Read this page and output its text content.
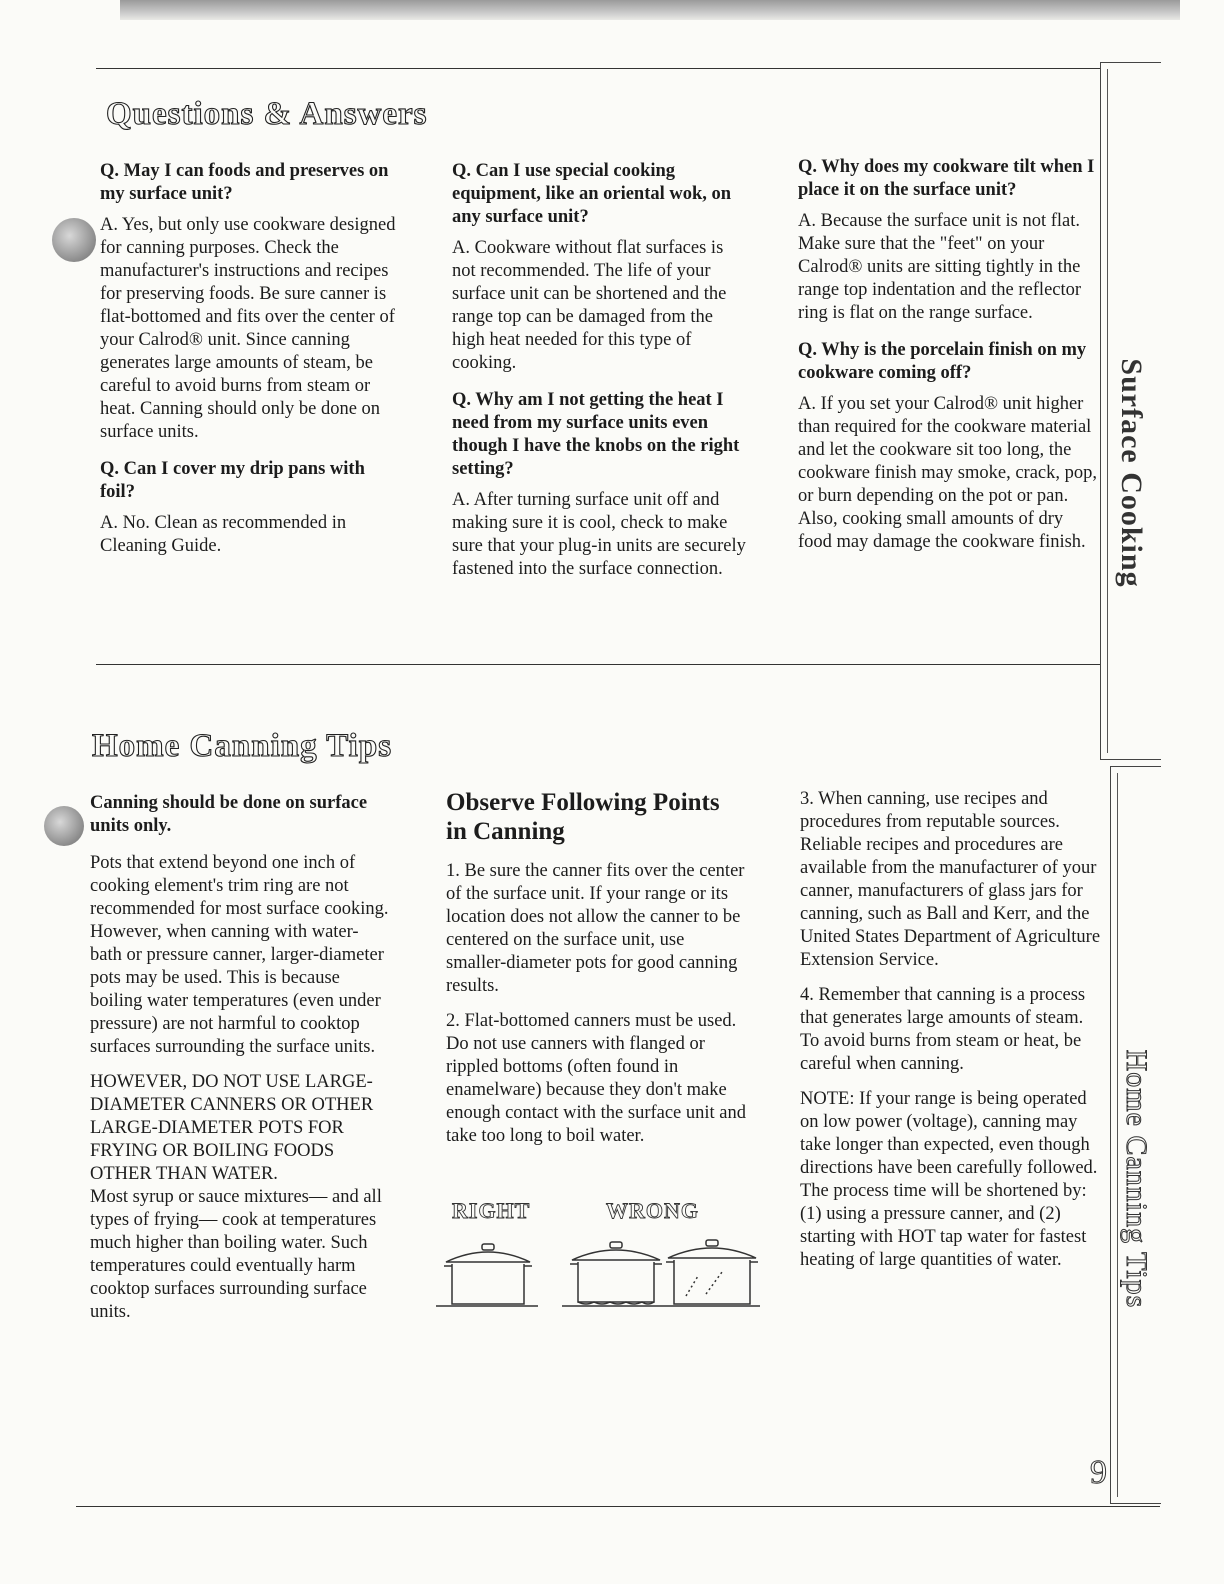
Surface Cooking
Home Canning Tips
Questions & Answers

Q. May I can foods and preserves on my surface unit?

A. Yes, but only use cookware designed for canning purposes. Check the manufacturer's instructions and recipes for preserving foods. Be sure canner is flat-bottomed and fits over the center of your Calrod® unit. Since canning generates large amounts of steam, be careful to avoid burns from steam or heat. Canning should only be done on surface units.

Q. Can I cover my drip pans with foil?

A. No. Clean as recommended in Cleaning Guide.

Q. Can I use special cooking equipment, like an oriental wok, on any surface unit?

A. Cookware without flat surfaces is not recommended. The life of your surface unit can be shortened and the range top can be damaged from the high heat needed for this type of cooking.

Q. Why am I not getting the heat I need from my surface units even though I have the knobs on the right setting?

A. After turning surface unit off and making sure it is cool, check to make sure that your plug-in units are securely fastened into the surface connection.

Q. Why does my cookware tilt when I place it on the surface unit?

A. Because the surface unit is not flat. Make sure that the "feet" on your Calrod® units are sitting tightly in the range top indentation and the reflector ring is flat on the range surface.

Q. Why is the porcelain finish on my cookware coming off?

A. If you set your Calrod® unit higher than required for the cookware material and let the cookware sit too long, the cookware finish may smoke, crack, pop, or burn depending on the pot or pan. Also, cooking small amounts of dry food may damage the cookware finish.

Home Canning Tips

Canning should be done on surface units only.

Pots that extend beyond one inch of cooking element's trim ring are not recommended for most surface cooking. However, when canning with water-bath or pressure canner, larger-diameter pots may be used. This is because boiling water temperatures (even under pressure) are not harmful to cooktop surfaces surrounding the surface units.

HOWEVER, DO NOT USE LARGE-DIAMETER CANNERS OR OTHER LARGE-DIAMETER POTS FOR FRYING OR BOILING FOODS OTHER THAN WATER.

Most syrup or sauce mixtures— and all types of frying— cook at temperatures much higher than boiling water. Such temperatures could eventually harm cooktop surfaces surrounding surface units.

Observe Following Points in Canning

1. Be sure the canner fits over the center of the surface unit. If your range or its location does not allow the canner to be centered on the surface unit, use smaller-diameter pots for good canning results.

2. Flat-bottomed canners must be used. Do not use canners with flanged or rippled bottoms (often found in enamelware) because they don't make enough contact with the surface unit and take too long to boil water.

RIGHT	WRONG

3. When canning, use recipes and procedures from reputable sources. Reliable recipes and procedures are available from the manufacturer of your canner, manufacturers of glass jars for canning, such as Ball and Kerr, and the United States Department of Agriculture Extension Service.

4. Remember that canning is a process that generates large amounts of steam. To avoid burns from steam or heat, be careful when canning.

NOTE: If your range is being operated on low power (voltage), canning may take longer than expected, even though directions have been carefully followed. The process time will be shortened by: (1) using a pressure canner, and (2) starting with HOT tap water for fastest heating of large quantities of water.

9
